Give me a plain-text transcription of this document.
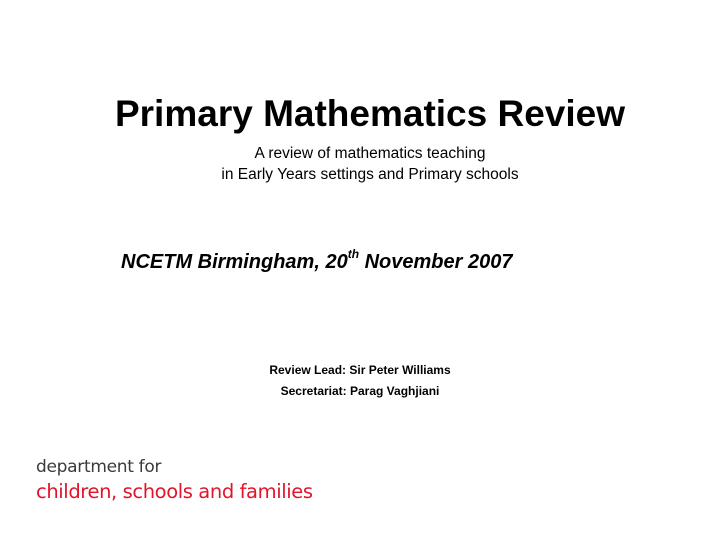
Primary Mathematics Review
A review of mathematics teaching
in Early Years settings and Primary schools
NCETM Birmingham, 20th November 2007
Review Lead: Sir Peter Williams
Secretariat: Parag Vaghjiani
department for
children, schools and families
